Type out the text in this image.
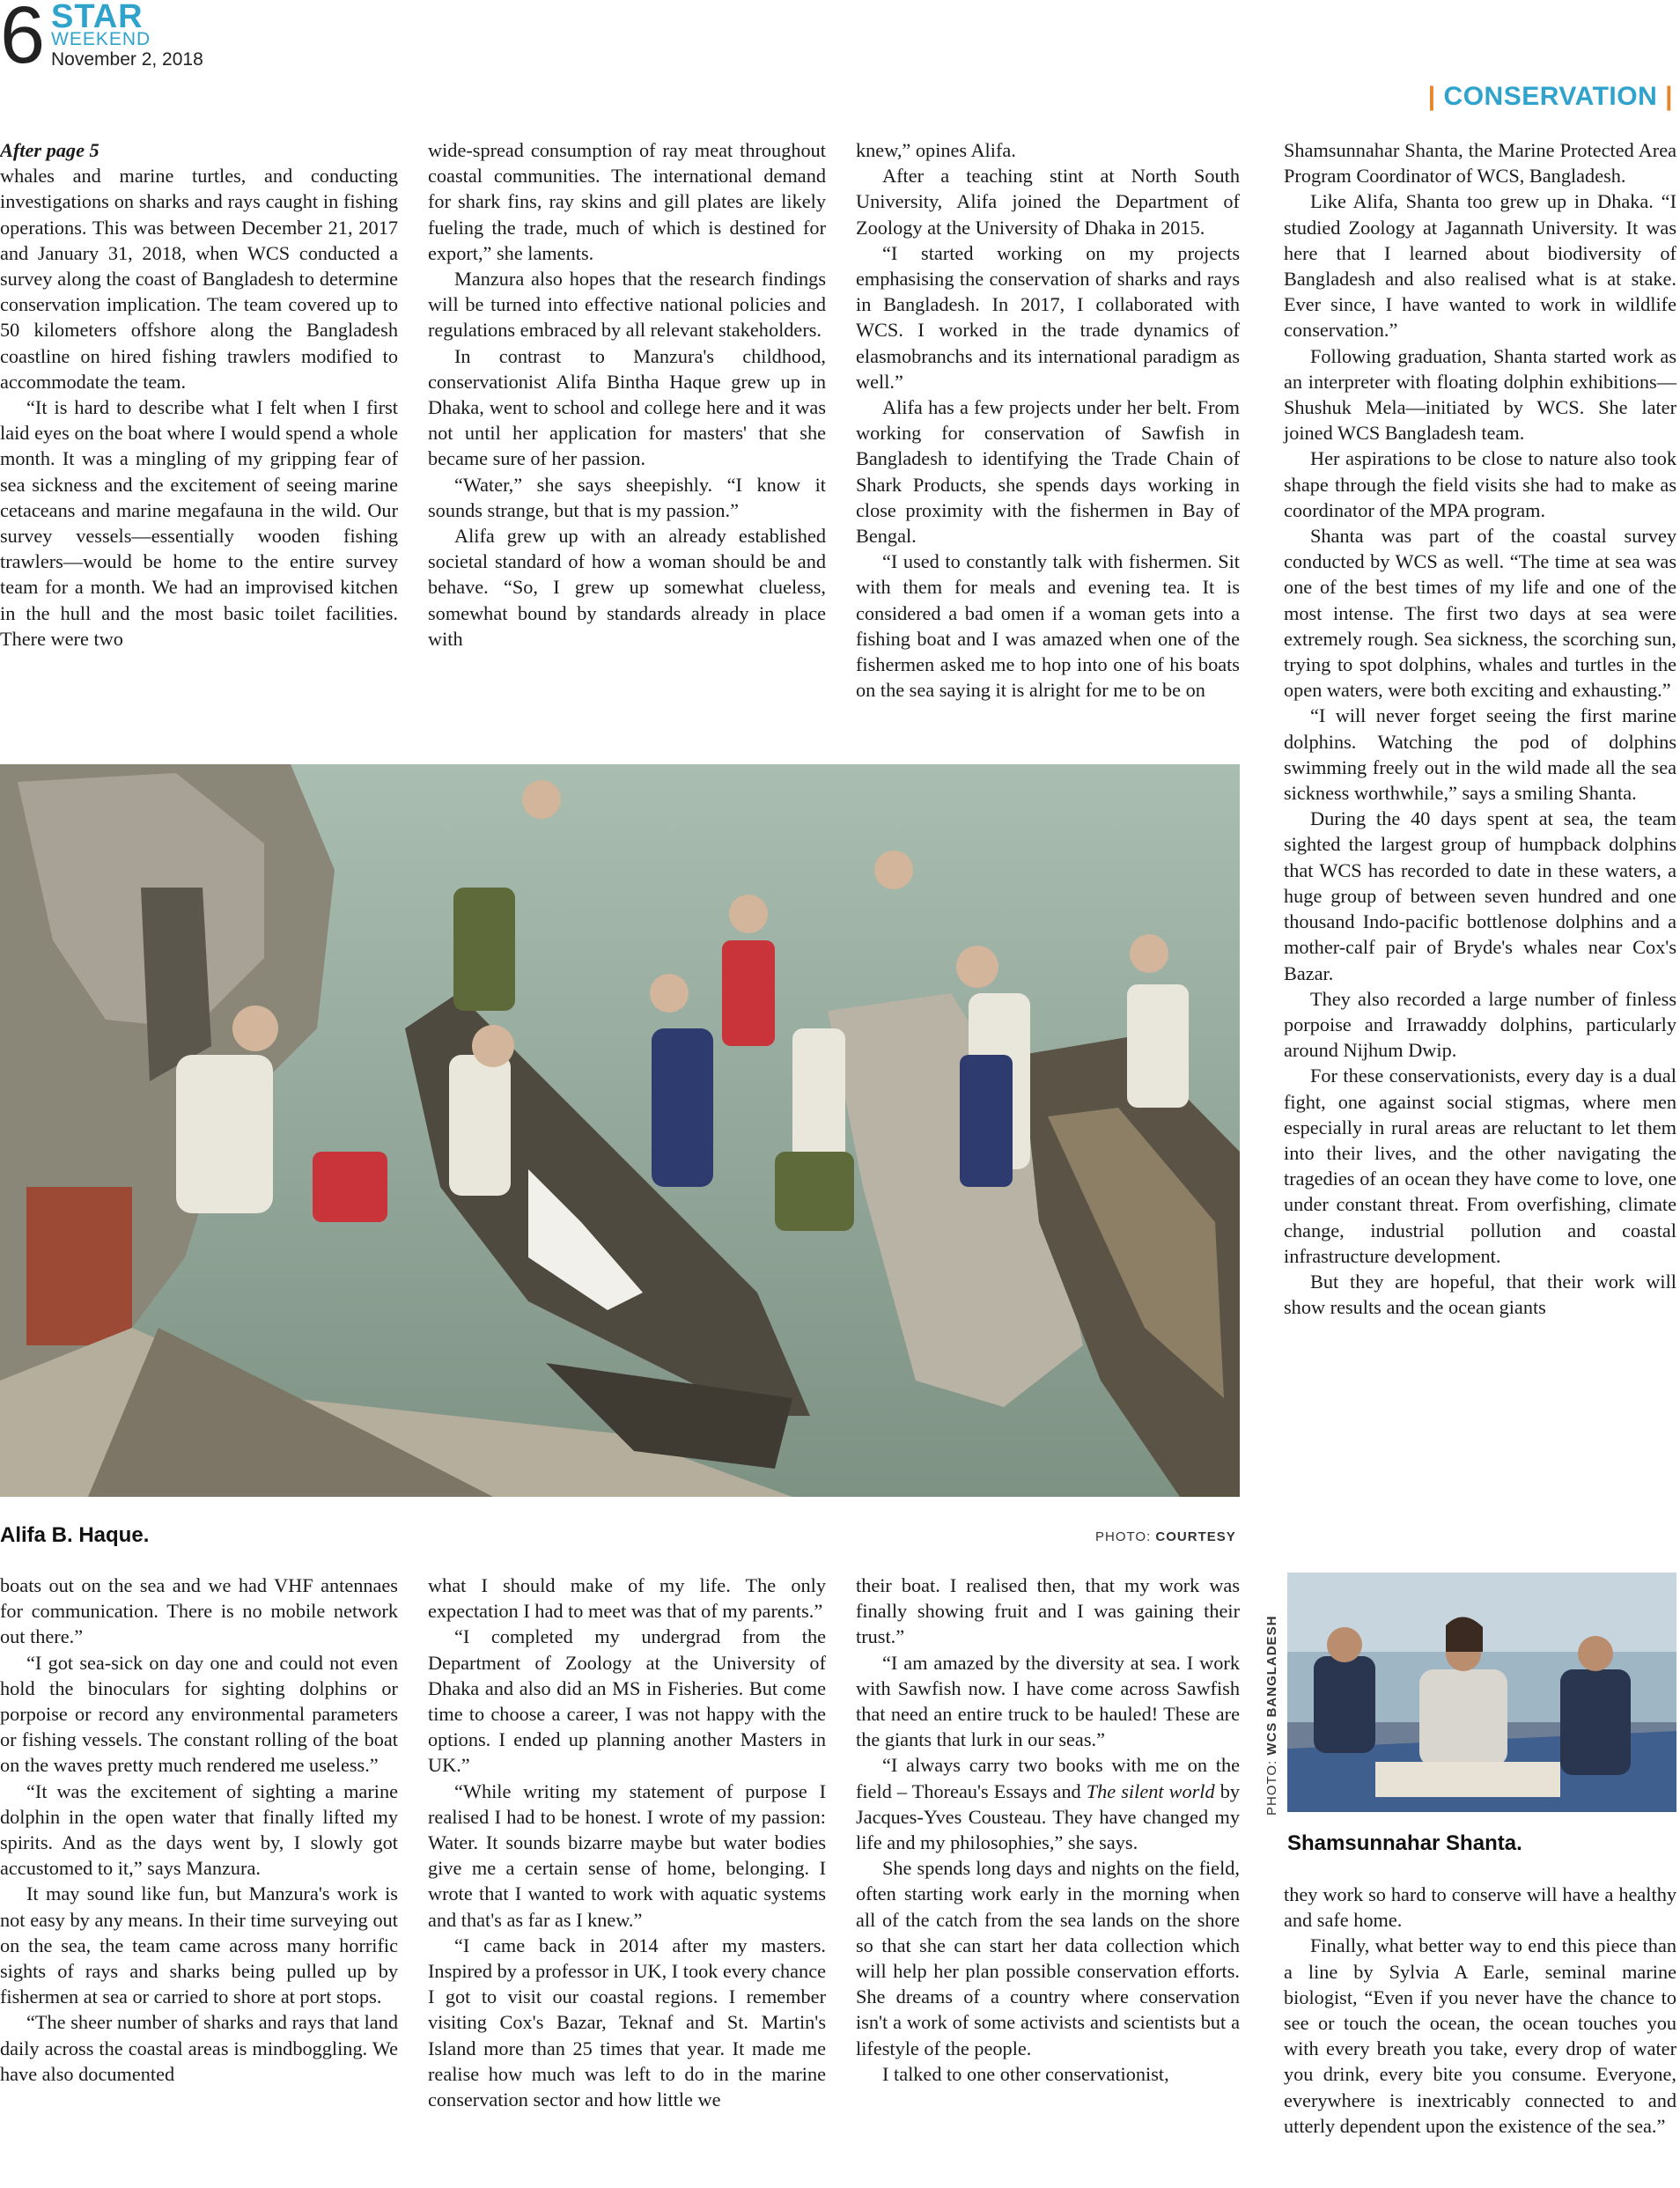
6 STAR
WEEKEND
November 2, 2018
| CONSERVATION |

After page 5

whales and marine turtles, and conducting investigations on sharks and rays caught in fishing operations. This was between December 21, 2017 and January 31, 2018, when WCS conducted a survey along the coast of Bangladesh to determine conservation implication. The team covered up to 50 kilometers offshore along the Bangladesh coastline on hired fishing trawlers modified to accommodate the team.

“It is hard to describe what I felt when I first laid eyes on the boat where I would spend a whole month. It was a mingling of my gripping fear of sea sickness and the excitement of seeing marine cetaceans and marine megafauna in the wild. Our survey vessels—essentially wooden fishing trawlers—would be home to the entire survey team for a month. We had an improvised kitchen in the hull and the most basic toilet facilities. There were two

wide-spread consumption of ray meat throughout coastal communities. The international demand for shark fins, ray skins and gill plates are likely fueling the trade, much of which is destined for export,” she laments.

Manzura also hopes that the research findings will be turned into effective national policies and regulations embraced by all relevant stakeholders.

In contrast to Manzura's childhood, conservationist Alifa Bintha Haque grew up in Dhaka, went to school and college here and it was not until her application for masters' that she became sure of her passion.

“Water,” she says sheepishly. “I know it sounds strange, but that is my passion.”

Alifa grew up with an already established societal standard of how a woman should be and behave. “So, I grew up somewhat clueless, somewhat bound by standards already in place with

knew,” opines Alifa.

After a teaching stint at North South University, Alifa joined the Department of Zoology at the University of Dhaka in 2015.

“I started working on my projects emphasising the conservation of sharks and rays in Bangladesh. In 2017, I collaborated with WCS. I worked in the trade dynamics of elasmobranchs and its international paradigm as well.”

Alifa has a few projects under her belt. From working for conservation of Sawfish in Bangladesh to identifying the Trade Chain of Shark Products, she spends days working in close proximity with the fishermen in Bay of Bengal.

“I used to constantly talk with fishermen. Sit with them for meals and evening tea. It is considered a bad omen if a woman gets into a fishing boat and I was amazed when one of the fishermen asked me to hop into one of his boats on the sea saying it is alright for me to be on

Shamsunnahar Shanta, the Marine Protected Area Program Coordinator of WCS, Bangladesh.

Like Alifa, Shanta too grew up in Dhaka. “I studied Zoology at Jagannath University. It was here that I learned about biodiversity of Bangladesh and also realised what is at stake. Ever since, I have wanted to work in wildlife conservation.”

Following graduation, Shanta started work as an interpreter with floating dolphin exhibitions—Shushuk Mela—initiated by WCS. She later joined WCS Bangladesh team.

Her aspirations to be close to nature also took shape through the field visits she had to make as coordinator of the MPA program.

Shanta was part of the coastal survey conducted by WCS as well. “The time at sea was one of the best times of my life and one of the most intense. The first two days at sea were extremely rough. Sea sickness, the scorching sun, trying to spot dolphins, whales and turtles in the open waters, were both exciting and exhausting.”

“I will never forget seeing the first marine dolphins. Watching the pod of dolphins swimming freely out in the wild made all the sea sickness worthwhile,” says a smiling Shanta.

During the 40 days spent at sea, the team sighted the largest group of humpback dolphins that WCS has recorded to date in these waters, a huge group of between seven hundred and one thousand Indo-pacific bottlenose dolphins and a mother-calf pair of Bryde's whales near Cox's Bazar.

They also recorded a large number of finless porpoise and Irrawaddy dolphins, particularly around Nijhum Dwip.

For these conservationists, every day is a dual fight, one against social stigmas, where men especially in rural areas are reluctant to let them into their lives, and the other navigating the tragedies of an ocean they have come to love, one under constant threat. From overfishing, climate change, industrial pollution and coastal infrastructure development.

But they are hopeful, that their work will show results and the ocean giants

Alifa B. Haque.	PHOTO: COURTESY

boats out on the sea and we had VHF antennaes for communication. There is no mobile network out there.”

“I got sea-sick on day one and could not even hold the binoculars for sighting dolphins or porpoise or record any environmental parameters or fishing vessels. The constant rolling of the boat on the waves pretty much rendered me useless.”

“It was the excitement of sighting a marine dolphin in the open water that finally lifted my spirits. And as the days went by, I slowly got accustomed to it,” says Manzura.

It may sound like fun, but Manzura's work is not easy by any means. In their time surveying out on the sea, the team came across many horrific sights of rays and sharks being pulled up by fishermen at sea or carried to shore at port stops.

“The sheer number of sharks and rays that land daily across the coastal areas is mindboggling. We have also documented

what I should make of my life. The only expectation I had to meet was that of my parents.”

“I completed my undergrad from the Department of Zoology at the University of Dhaka and also did an MS in Fisheries. But come time to choose a career, I was not happy with the options. I ended up planning another Masters in UK.”

“While writing my statement of purpose I realised I had to be honest. I wrote of my passion: Water. It sounds bizarre maybe but water bodies give me a certain sense of home, belonging. I wrote that I wanted to work with aquatic systems and that's as far as I knew.”

“I came back in 2014 after my masters. Inspired by a professor in UK, I took every chance I got to visit our coastal regions. I remember visiting Cox's Bazar, Teknaf and St. Martin's Island more than 25 times that year. It made me realise how much was left to do in the marine conservation sector and how little we

their boat. I realised then, that my work was finally showing fruit and I was gaining their trust.”

“I am amazed by the diversity at sea. I work with Sawfish now. I have come across Sawfish that need an entire truck to be hauled! These are the giants that lurk in our seas.”

“I always carry two books with me on the field – Thoreau's Essays and The silent world by Jacques-Yves Cousteau. They have changed my life and my philosophies,” she says.

She spends long days and nights on the field, often starting work early in the morning when all of the catch from the sea lands on the shore so that she can start her data collection which will help her plan possible conservation efforts. She dreams of a country where conservation isn't a work of some activists and scientists but a lifestyle of the people.

I talked to one other conservationist,

PHOTO: WCS BANGLADESH
Shamsunnahar Shanta.

they work so hard to conserve will have a healthy and safe home.

Finally, what better way to end this piece than a line by Sylvia A Earle, seminal marine biologist, “Even if you never have the chance to see or touch the ocean, the ocean touches you with every breath you take, every drop of water you drink, every bite you consume. Everyone, everywhere is inextricably connected to and utterly dependent upon the existence of the sea.”
